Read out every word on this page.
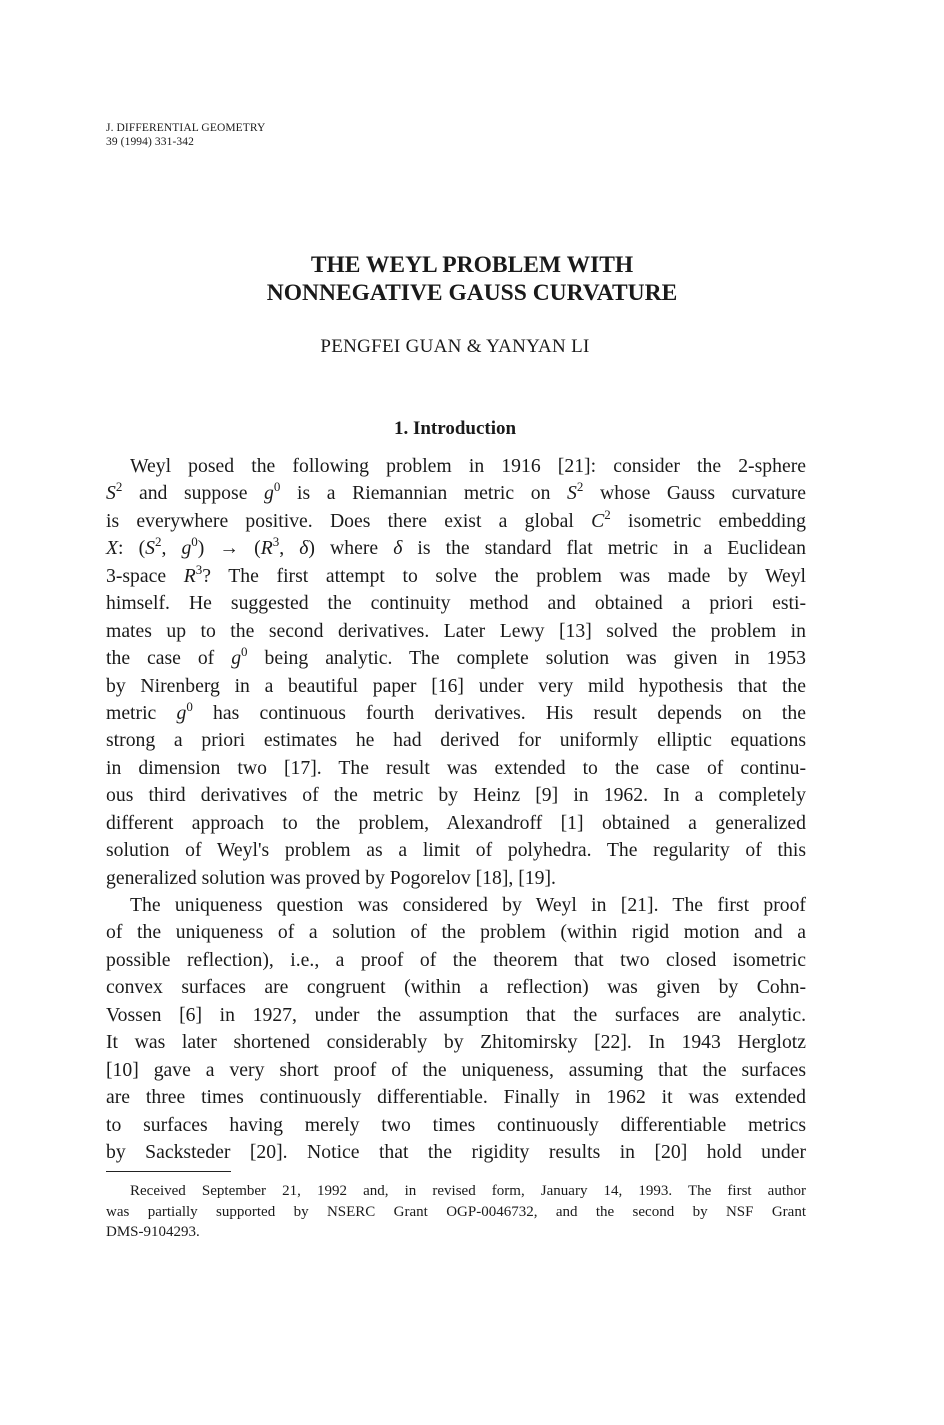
J. DIFFERENTIAL GEOMETRY
39 (1994) 331-342
THE WEYL PROBLEM WITH
NONNEGATIVE GAUSS CURVATURE
PENGFEI GUAN & YANYAN LI
1. Introduction
Weyl posed the following problem in 1916 [21]: consider the 2-sphere
$S^2$ and suppose $g^0$ is a Riemannian metric on $S^2$ whose Gauss curvature
is everywhere positive. Does there exist a global $C^2$ isometric embedding
X: ($S^2$, $g^0) \to (R^3$, δ) where δ is the standard flat metric in a Euclidean
3-space $R^3$? The first attempt to solve the problem was made by Weyl
himself. He suggested the continuity method and obtained a priori esti-
mates up to the second derivatives. Later Lewy [13] solved the problem in
the case of $g^0$ being analytic. The complete solution was given in 1953
by Nirenberg in a beautiful paper [16] under very mild hypothesis that the
metric $g^0$ has continuous fourth derivatives. His result depends on the
strong a priori estimates he had derived for uniformly elliptic equations
in dimension two [17]. The result was extended to the case of continu-
ous third derivatives of the metric by Heinz [9] in 1962. In a completely
different approach to the problem, Alexandroff [1] obtained a generalized
solution of Weyl's problem as a limit of polyhedra. The regularity of this
generalized solution was proved by Pogorelov [18], [19].
The uniqueness question was considered by Weyl in [21]. The first proof
of the uniqueness of a solution of the problem (within rigid motion and a
possible reflection), i.e., a proof of the theorem that two closed isometric
convex surfaces are congruent (within a reflection) was given by Cohn-
Vossen [6] in 1927, under the assumption that the surfaces are analytic.
It was later shortened considerably by Zhitomirsky [22]. In 1943 Herglotz
[10] gave a very short proof of the uniqueness, assuming that the surfaces
are three times continuously differentiable. Finally in 1962 it was extended
to surfaces having merely two times continuously differentiable metrics
by Sacksteder [20]. Notice that the rigidity results in [20] hold under
Received September 21, 1992 and, in revised form, January 14, 1993. The first author
was partially supported by NSERC Grant OGP-0046732, and the second by NSF Grant
DMS-9104293.
